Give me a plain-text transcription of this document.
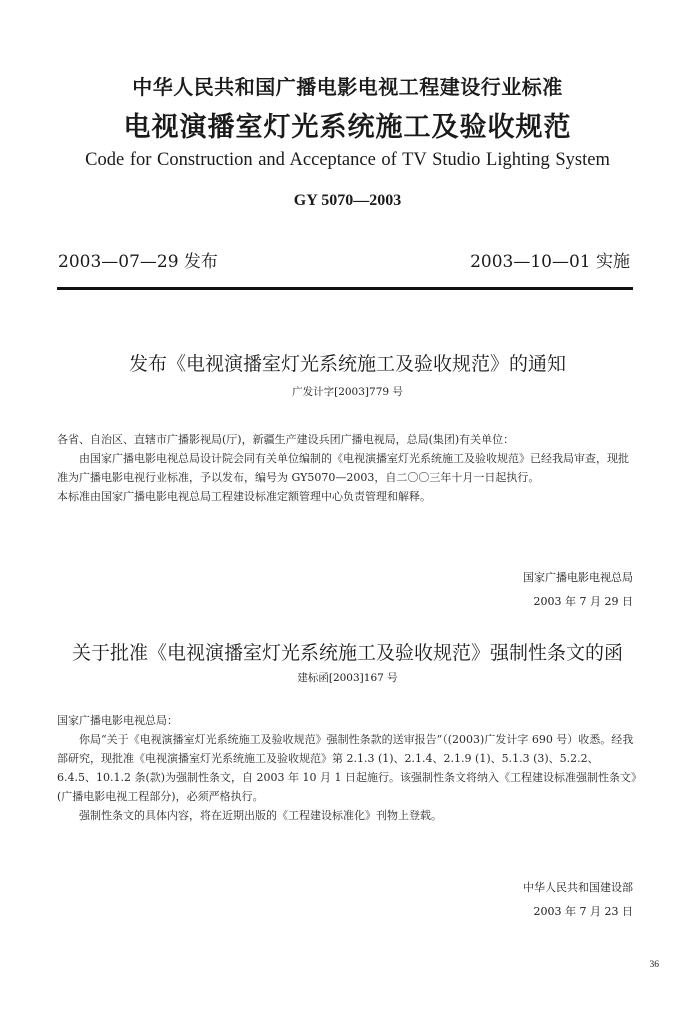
中华人民共和国广播电影电视工程建设行业标准
电视演播室灯光系统施工及验收规范
Code for Construction and Acceptance of TV Studio Lighting System
GY 5070—2003
2003—07—29 发布	2003—10—01 实施
发布《电视演播室灯光系统施工及验收规范》的通知
广发计字[2003]779 号

各省、自治区、直辖市广播影视局(厅)，新疆生产建设兵团广播电视局，总局(集团)有关单位：

由国家广播电影电视总局设计院会同有关单位编制的《电视演播室灯光系统施工及验收规范》已经我局审查，现批准为广播电影电视行业标准，予以发布，编号为 GY5070—2003，自二〇〇三年十月一日起执行。

本标准由国家广播电影电视总局工程建设标准定额管理中心负责管理和解释。

国家广播电影电视总局
2003 年 7 月 29 日
关于批准《电视演播室灯光系统施工及验收规范》强制性条文的函
建标函[2003]167 号

国家广播电影电视总局：

你局“关于《电视演播室灯光系统施工及验收规范》强制性条款的送审报告”（(2003)广发计字 690 号）收悉。经我部研究，现批准《电视演播室灯光系统施工及验收规范》第 2.1.3 (1)、2.1.4、2.1.9 (1)、5.1.3 (3)、5.2.2、6.4.5、10.1.2 条(款)为强制性条文，自 2003 年 10 月 1 日起施行。该强制性条文将纳入《工程建设标准强制性条文》(广播电影电视工程部分)，必须严格执行。

强制性条文的具体内容，将在近期出版的《工程建设标准化》刊物上登载。

中华人民共和国建设部
2003 年 7 月 23 日
36
